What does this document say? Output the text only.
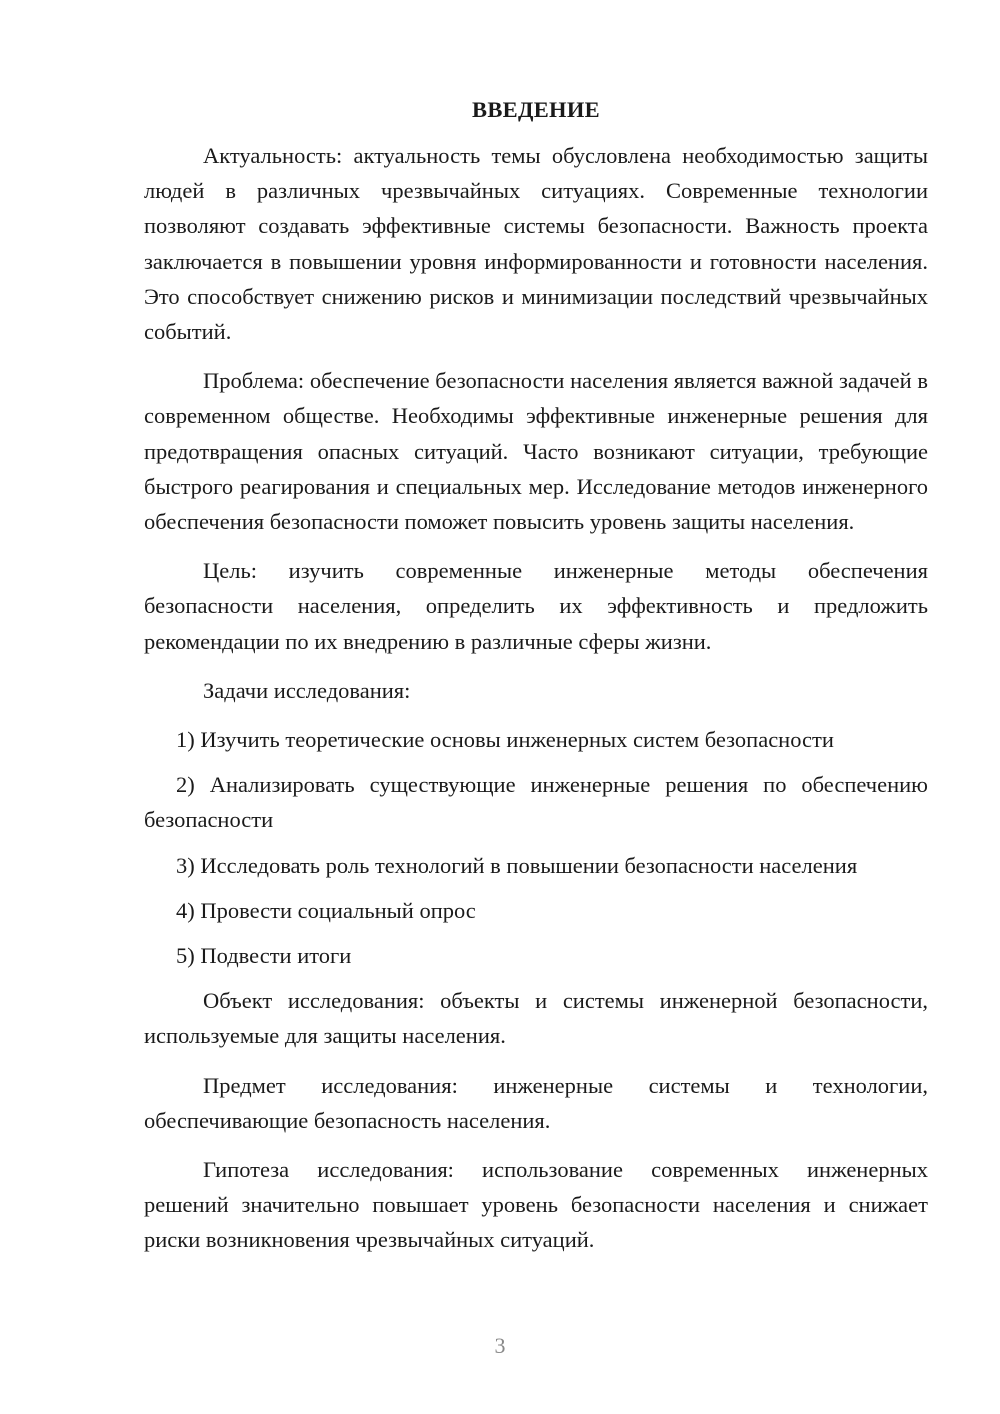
ВВЕДЕНИЕ

Актуальность: актуальность темы обусловлена необходимостью защиты людей в различных чрезвычайных ситуациях. Современные технологии позволяют создавать эффективные системы безопасности. Важность проекта заключается в повышении уровня информированности и готовности населения. Это способствует снижению рисков и минимизации последствий чрезвычайных событий.

Проблема: обеспечение безопасности населения является важной задачей в современном обществе. Необходимы эффективные инженерные решения для предотвращения опасных ситуаций. Часто возникают ситуации, требующие быстрого реагирования и специальных мер. Исследование методов инженерного обеспечения безопасности поможет повысить уровень защиты населения.

Цель: изучить современные инженерные методы обеспечения безопасности населения, определить их эффективность и предложить рекомендации по их внедрению в различные сферы жизни.

Задачи исследования:

1) Изучить теоретические основы инженерных систем безопасности

2) Анализировать существующие инженерные решения по обеспечению безопасности

3) Исследовать роль технологий в повышении безопасности населения

4) Провести социальный опрос

5) Подвести итоги

Объект исследования: объекты и системы инженерной безопасности, используемые для защиты населения.

Предмет исследования: инженерные системы и технологии, обеспечивающие безопасность населения.

Гипотеза исследования: использование современных инженерных решений значительно повышает уровень безопасности населения и снижает риски возникновения чрезвычайных ситуаций.

3
